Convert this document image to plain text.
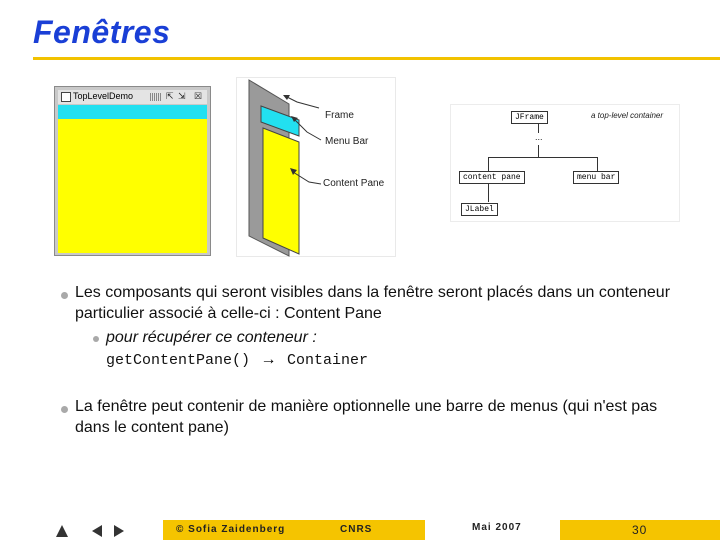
Fenêtres
TopLevelDemo	⇱ ⇲ ☒
Frame
Menu Bar
Content Pane
JFrame	a top-level container
...
content pane	menu bar
JLabel
Les composants qui seront visibles dans la fenêtre seront placés dans un conteneur particulier associé à celle-ci : Content Pane
pour récupérer ce conteneur :
getContentPane() → Container
La fenêtre peut contenir de manière optionnelle une barre de menus (qui n'est pas dans le content pane)
© Sofia Zaidenberg	CNRS	Mai 2007	30
